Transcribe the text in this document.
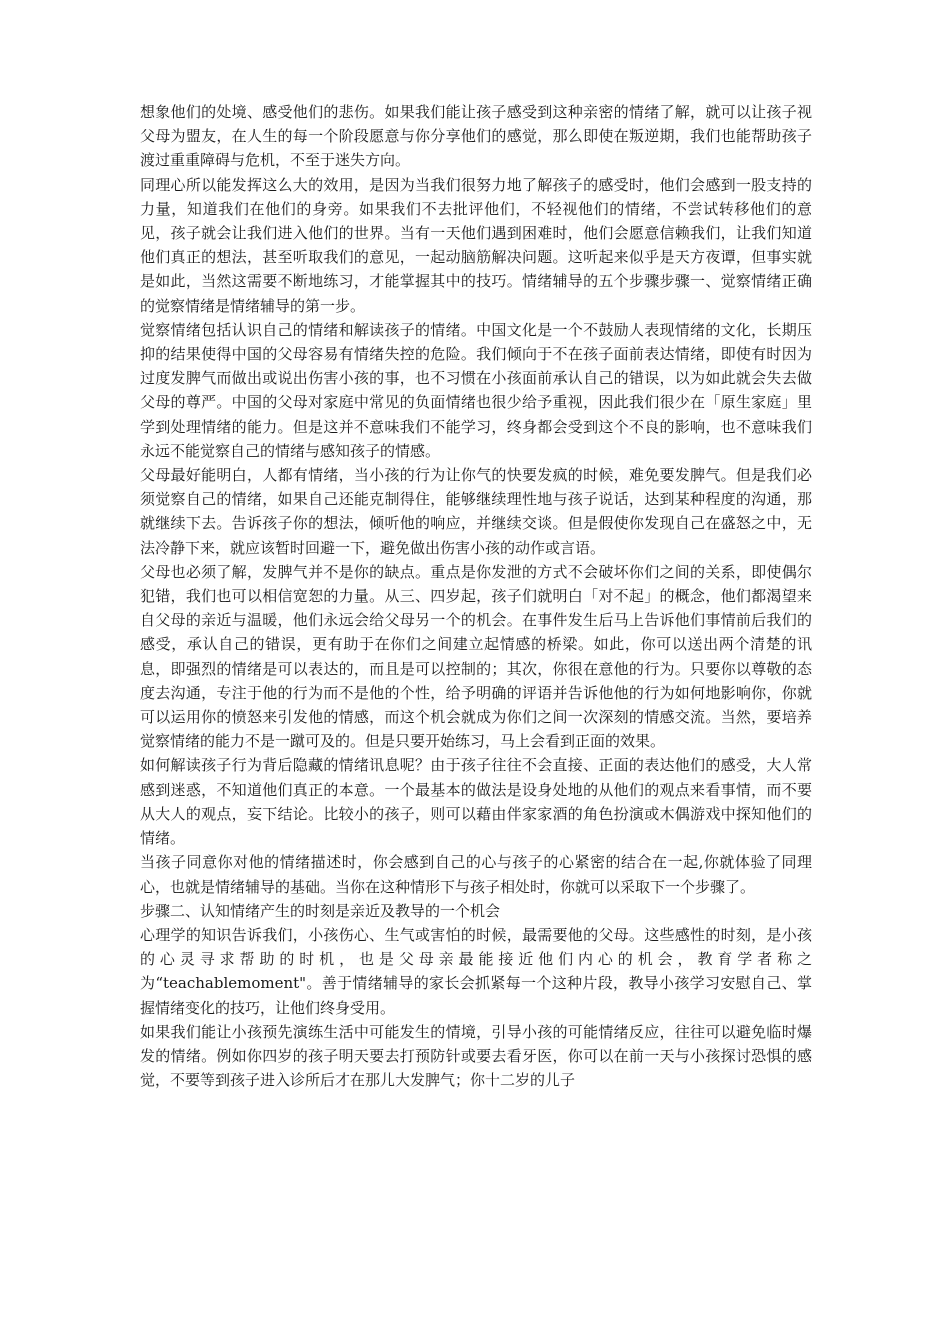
想象他们的处境、感受他们的悲伤。如果我们能让孩子感受到这种亲密的情绪了解，就可以让孩子视父母为盟友，在人生的每一个阶段愿意与你分享他们的感觉，那么即使在叛逆期，我们也能帮助孩子渡过重重障碍与危机，不至于迷失方向。

同理心所以能发挥这么大的效用，是因为当我们很努力地了解孩子的感受时，他们会感到一股支持的力量，知道我们在他们的身旁。如果我们不去批评他们，不轻视他们的情绪，不尝试转移他们的意见，孩子就会让我们进入他们的世界。当有一天他们遇到困难时，他们会愿意信赖我们，让我们知道他们真正的想法，甚至听取我们的意见，一起动脑筋解决问题。这听起来似乎是天方夜谭，但事实就是如此，当然这需要不断地练习，才能掌握其中的技巧。情绪辅导的五个步骤步骤一、觉察情绪正确的觉察情绪是情绪辅导的第一步。

觉察情绪包括认识自己的情绪和解读孩子的情绪。中国文化是一个不鼓励人表现情绪的文化，长期压抑的结果使得中国的父母容易有情绪失控的危险。我们倾向于不在孩子面前表达情绪，即使有时因为过度发脾气而做出或说出伤害小孩的事，也不习惯在小孩面前承认自己的错误，以为如此就会失去做父母的尊严。中国的父母对家庭中常见的负面情绪也很少给予重视，因此我们很少在「原生家庭」里学到处理情绪的能力。但是这并不意味我们不能学习，终身都会受到这个不良的影响，也不意味我们永远不能觉察自己的情绪与感知孩子的情感。

父母最好能明白，人都有情绪，当小孩的行为让你气的快要发疯的时候，难免要发脾气。但是我们必须觉察自己的情绪，如果自己还能克制得住，能够继续理性地与孩子说话，达到某种程度的沟通，那就继续下去。告诉孩子你的想法，倾听他的响应，并继续交谈。但是假使你发现自己在盛怒之中，无法冷静下来，就应该暂时回避一下，避免做出伤害小孩的动作或言语。

父母也必须了解，发脾气并不是你的缺点。重点是你发泄的方式不会破坏你们之间的关系，即使偶尔犯错，我们也可以相信宽恕的力量。从三、四岁起，孩子们就明白「对不起」的概念，他们都渴望来自父母的亲近与温暖，他们永远会给父母另一个的机会。在事件发生后马上告诉他们事情前后我们的感受，承认自己的错误，更有助于在你们之间建立起情感的桥梁。如此，你可以送出两个清楚的讯息，即强烈的情绪是可以表达的，而且是可以控制的；其次，你很在意他的行为。只要你以尊敬的态度去沟通，专注于他的行为而不是他的个性，给予明确的评语并告诉他他的行为如何地影响你，你就可以运用你的愤怒来引发他的情感，而这个机会就成为你们之间一次深刻的情感交流。当然，要培养觉察情绪的能力不是一蹴可及的。但是只要开始练习，马上会看到正面的效果。

如何解读孩子行为背后隐藏的情绪讯息呢？由于孩子往往不会直接、正面的表达他们的感受，大人常感到迷惑，不知道他们真正的本意。一个最基本的做法是设身处地的从他们的观点来看事情，而不要从大人的观点，妄下结论。比较小的孩子，则可以藉由伴家家酒的角色扮演或木偶游戏中探知他们的情绪。

当孩子同意你对他的情绪描述时，你会感到自己的心与孩子的心紧密的结合在一起,你就体验了同理心，也就是情绪辅导的基础。当你在这种情形下与孩子相处时，你就可以采取下一个步骤了。

步骤二、认知情绪产生的时刻是亲近及教导的一个机会

心理学的知识告诉我们，小孩伤心、生气或害怕的时候，最需要他的父母。这些感性的时刻，是小孩的心灵寻求帮助的时机，也是父母亲最能接近他们内心的机会，教育学者称之为“teachablemoment"。善于情绪辅导的家长会抓紧每一个这种片段，教导小孩学习安慰自己、掌握情绪变化的技巧，让他们终身受用。

如果我们能让小孩预先演练生活中可能发生的情境，引导小孩的可能情绪反应，往往可以避免临时爆发的情绪。例如你四岁的孩子明天要去打预防针或要去看牙医，你可以在前一天与小孩探讨恐惧的感觉，不要等到孩子进入诊所后才在那儿大发脾气；你十二岁的儿子
